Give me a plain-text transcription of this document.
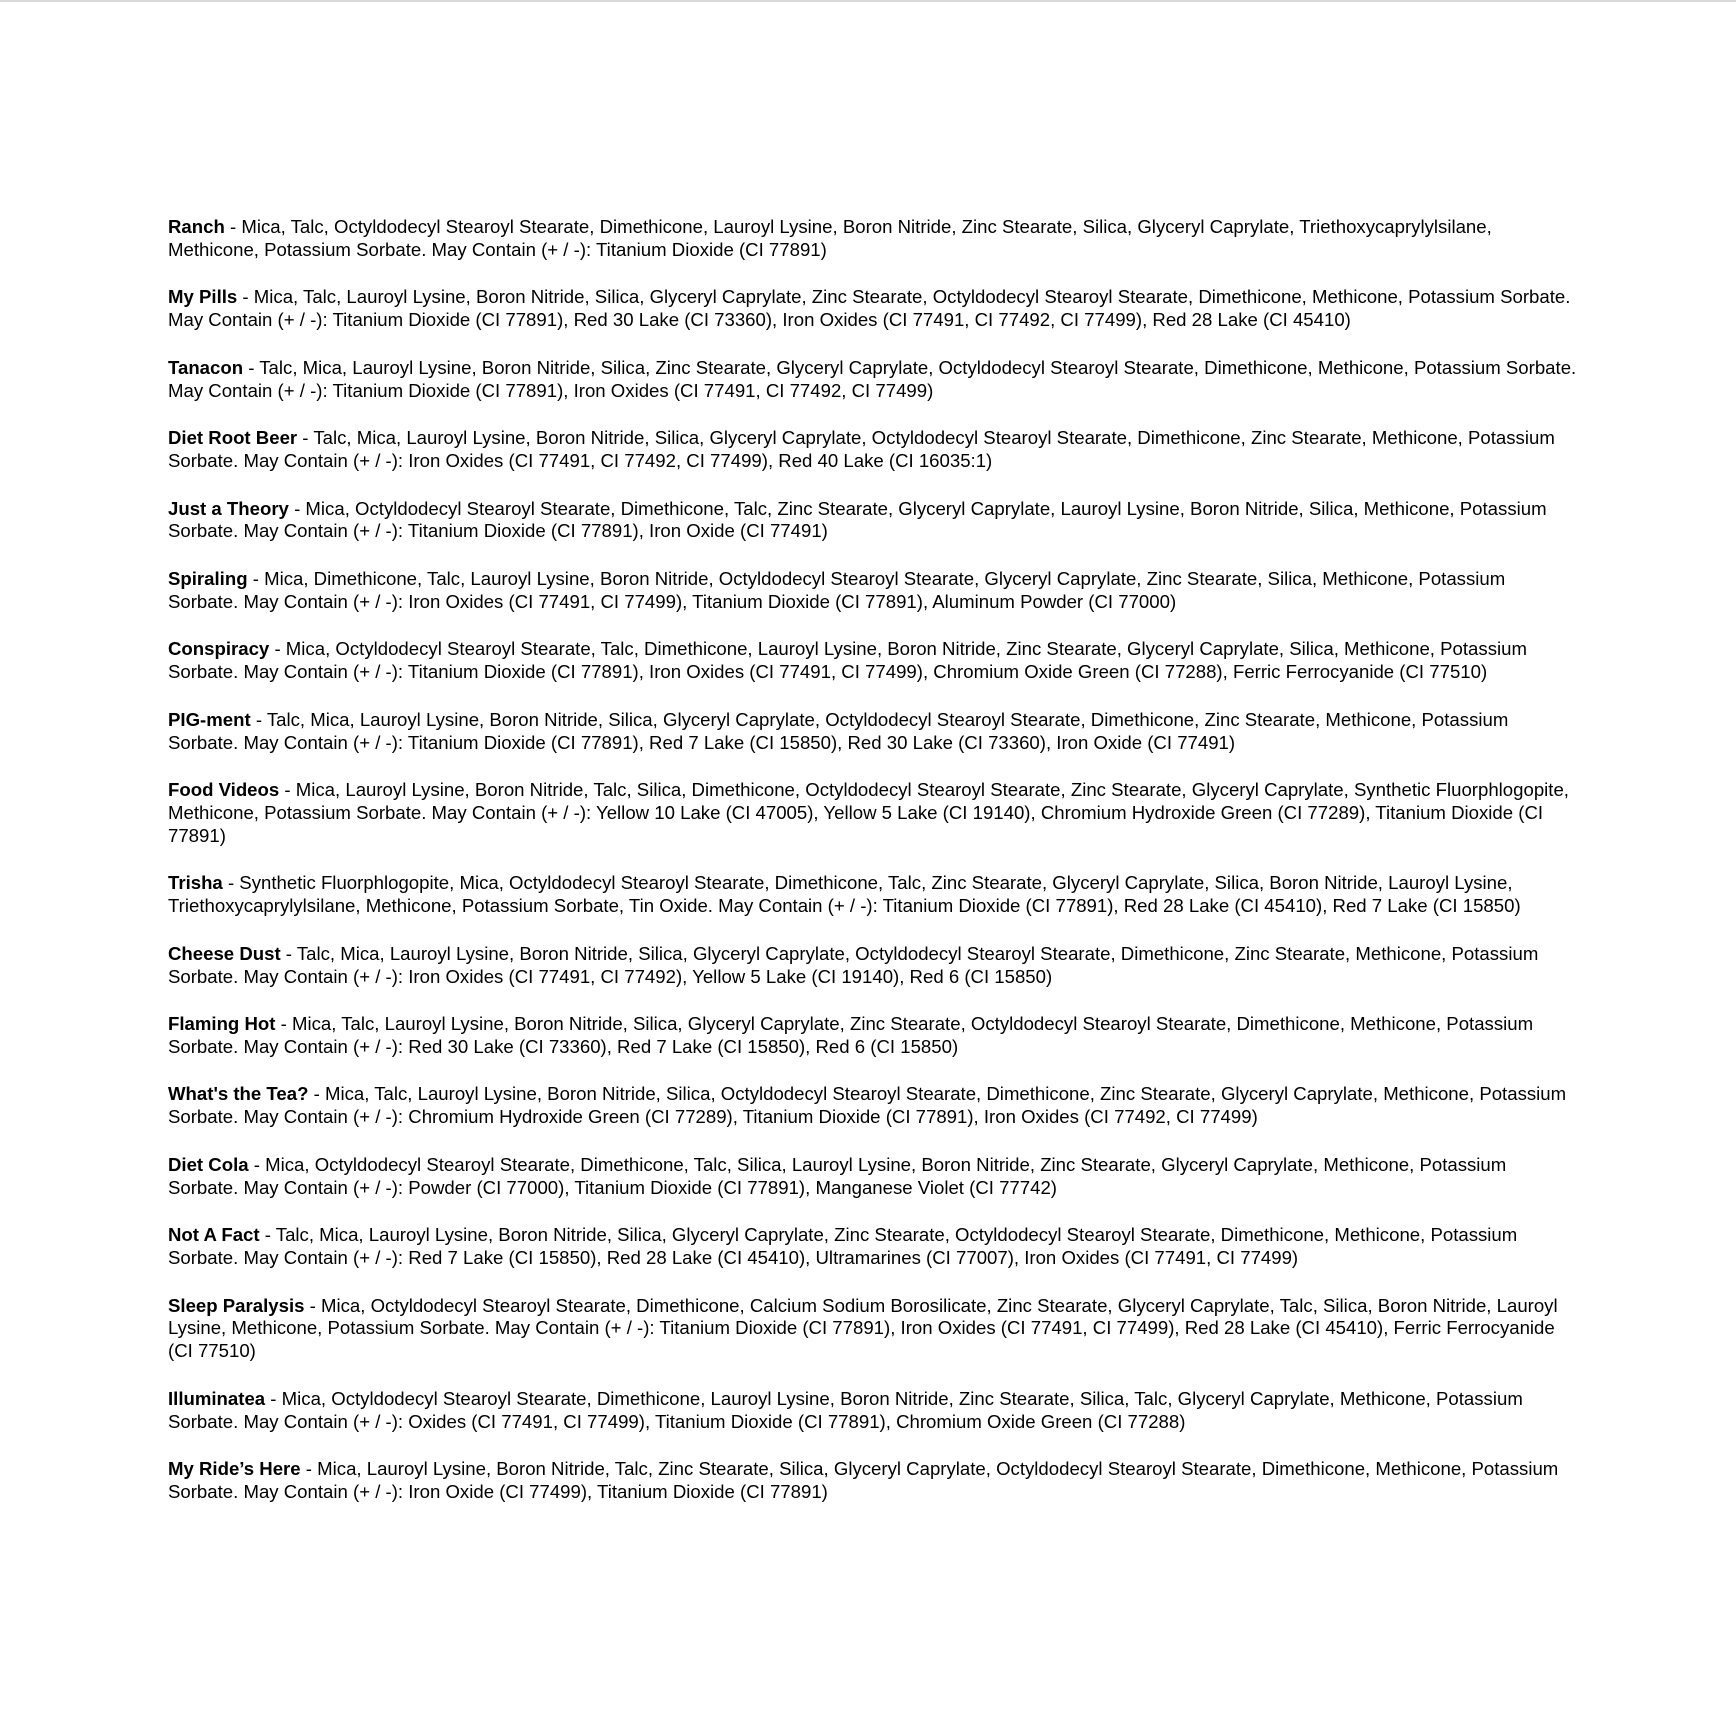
Ranch - Mica, Talc, Octyldodecyl Stearoyl Stearate, Dimethicone, Lauroyl Lysine, Boron Nitride, Zinc Stearate, Silica, Glyceryl Caprylate, Triethoxycaprylylsilane, Methicone, Potassium Sorbate. May Contain (+ / -): Titanium Dioxide (CI 77891)

My Pills - Mica, Talc, Lauroyl Lysine, Boron Nitride, Silica, Glyceryl Caprylate, Zinc Stearate, Octyldodecyl Stearoyl Stearate, Dimethicone, Methicone, Potassium Sorbate. May Contain (+ / -): Titanium Dioxide (CI 77891), Red 30 Lake (CI 73360), Iron Oxides (CI 77491, CI 77492, CI 77499), Red 28 Lake (CI 45410)

Tanacon - Talc, Mica, Lauroyl Lysine, Boron Nitride, Silica, Zinc Stearate, Glyceryl Caprylate, Octyldodecyl Stearoyl Stearate, Dimethicone, Methicone, Potassium Sorbate. May Contain (+ / -): Titanium Dioxide (CI 77891), Iron Oxides (CI 77491, CI 77492, CI 77499)

Diet Root Beer - Talc, Mica, Lauroyl Lysine, Boron Nitride, Silica, Glyceryl Caprylate, Octyldodecyl Stearoyl Stearate, Dimethicone, Zinc Stearate, Methicone, Potassium Sorbate. May Contain (+ / -): Iron Oxides (CI 77491, CI 77492, CI 77499), Red 40 Lake (CI 16035:1)

Just a Theory - Mica, Octyldodecyl Stearoyl Stearate, Dimethicone, Talc, Zinc Stearate, Glyceryl Caprylate, Lauroyl Lysine, Boron Nitride, Silica, Methicone, Potassium Sorbate. May Contain (+ / -): Titanium Dioxide (CI 77891), Iron Oxide (CI 77491)

Spiraling - Mica, Dimethicone, Talc, Lauroyl Lysine, Boron Nitride, Octyldodecyl Stearoyl Stearate, Glyceryl Caprylate, Zinc Stearate, Silica, Methicone, Potassium Sorbate. May Contain (+ / -): Iron Oxides (CI 77491, CI 77499), Titanium Dioxide (CI 77891), Aluminum Powder (CI 77000)

Conspiracy - Mica, Octyldodecyl Stearoyl Stearate, Talc, Dimethicone, Lauroyl Lysine, Boron Nitride, Zinc Stearate, Glyceryl Caprylate, Silica, Methicone, Potassium Sorbate. May Contain (+ / -): Titanium Dioxide (CI 77891), Iron Oxides (CI 77491, CI 77499), Chromium Oxide Green (CI 77288), Ferric Ferrocyanide (CI 77510)

PIG-ment - Talc, Mica, Lauroyl Lysine, Boron Nitride, Silica, Glyceryl Caprylate, Octyldodecyl Stearoyl Stearate, Dimethicone, Zinc Stearate, Methicone, Potassium Sorbate. May Contain (+ / -): Titanium Dioxide (CI 77891), Red 7 Lake (CI 15850), Red 30 Lake (CI 73360), Iron Oxide (CI 77491)

Food Videos - Mica, Lauroyl Lysine, Boron Nitride, Talc, Silica, Dimethicone, Octyldodecyl Stearoyl Stearate, Zinc Stearate, Glyceryl Caprylate, Synthetic Fluorphlogopite, Methicone, Potassium Sorbate. May Contain (+ / -): Yellow 10 Lake (CI 47005), Yellow 5 Lake (CI 19140), Chromium Hydroxide Green (CI 77289), Titanium Dioxide (CI 77891)

Trisha - Synthetic Fluorphlogopite, Mica, Octyldodecyl Stearoyl Stearate, Dimethicone, Talc, Zinc Stearate, Glyceryl Caprylate, Silica, Boron Nitride, Lauroyl Lysine, Triethoxycaprylylsilane, Methicone, Potassium Sorbate, Tin Oxide. May Contain (+ / -): Titanium Dioxide (CI 77891), Red 28 Lake (CI 45410), Red 7 Lake (CI 15850)

Cheese Dust - Talc, Mica, Lauroyl Lysine, Boron Nitride, Silica, Glyceryl Caprylate, Octyldodecyl Stearoyl Stearate, Dimethicone, Zinc Stearate, Methicone, Potassium Sorbate. May Contain (+ / -): Iron Oxides (CI 77491, CI 77492), Yellow 5 Lake (CI 19140), Red 6 (CI 15850)

Flaming Hot - Mica, Talc, Lauroyl Lysine, Boron Nitride, Silica, Glyceryl Caprylate, Zinc Stearate, Octyldodecyl Stearoyl Stearate, Dimethicone, Methicone, Potassium Sorbate. May Contain (+ / -): Red 30 Lake (CI 73360), Red 7 Lake (CI 15850), Red 6 (CI 15850)

What's the Tea? - Mica, Talc, Lauroyl Lysine, Boron Nitride, Silica, Octyldodecyl Stearoyl Stearate, Dimethicone, Zinc Stearate, Glyceryl Caprylate, Methicone, Potassium Sorbate. May Contain (+ / -): Chromium Hydroxide Green (CI 77289), Titanium Dioxide (CI 77891), Iron Oxides (CI 77492, CI 77499)

Diet Cola - Mica, Octyldodecyl Stearoyl Stearate, Dimethicone, Talc, Silica, Lauroyl Lysine, Boron Nitride, Zinc Stearate, Glyceryl Caprylate, Methicone, Potassium Sorbate. May Contain (+ / -): Powder (CI 77000), Titanium Dioxide (CI 77891), Manganese Violet (CI 77742)

Not A Fact - Talc, Mica, Lauroyl Lysine, Boron Nitride, Silica, Glyceryl Caprylate, Zinc Stearate, Octyldodecyl Stearoyl Stearate, Dimethicone, Methicone, Potassium Sorbate. May Contain (+ / -): Red 7 Lake (CI 15850), Red 28 Lake (CI 45410), Ultramarines (CI 77007), Iron Oxides (CI 77491, CI 77499)

Sleep Paralysis - Mica, Octyldodecyl Stearoyl Stearate, Dimethicone, Calcium Sodium Borosilicate, Zinc Stearate, Glyceryl Caprylate, Talc, Silica, Boron Nitride, Lauroyl Lysine, Methicone, Potassium Sorbate. May Contain (+ / -): Titanium Dioxide (CI 77891), Iron Oxides (CI 77491, CI 77499), Red 28 Lake (CI 45410), Ferric Ferrocyanide (CI 77510)

Illuminatea - Mica, Octyldodecyl Stearoyl Stearate, Dimethicone, Lauroyl Lysine, Boron Nitride, Zinc Stearate, Silica, Talc, Glyceryl Caprylate, Methicone, Potassium Sorbate. May Contain (+ / -): Oxides (CI 77491, CI 77499), Titanium Dioxide (CI 77891), Chromium Oxide Green (CI 77288)

My Ride’s Here - Mica, Lauroyl Lysine, Boron Nitride, Talc, Zinc Stearate, Silica, Glyceryl Caprylate, Octyldodecyl Stearoyl Stearate, Dimethicone, Methicone, Potassium Sorbate. May Contain (+ / -): Iron Oxide (CI 77499), Titanium Dioxide (CI 77891)
